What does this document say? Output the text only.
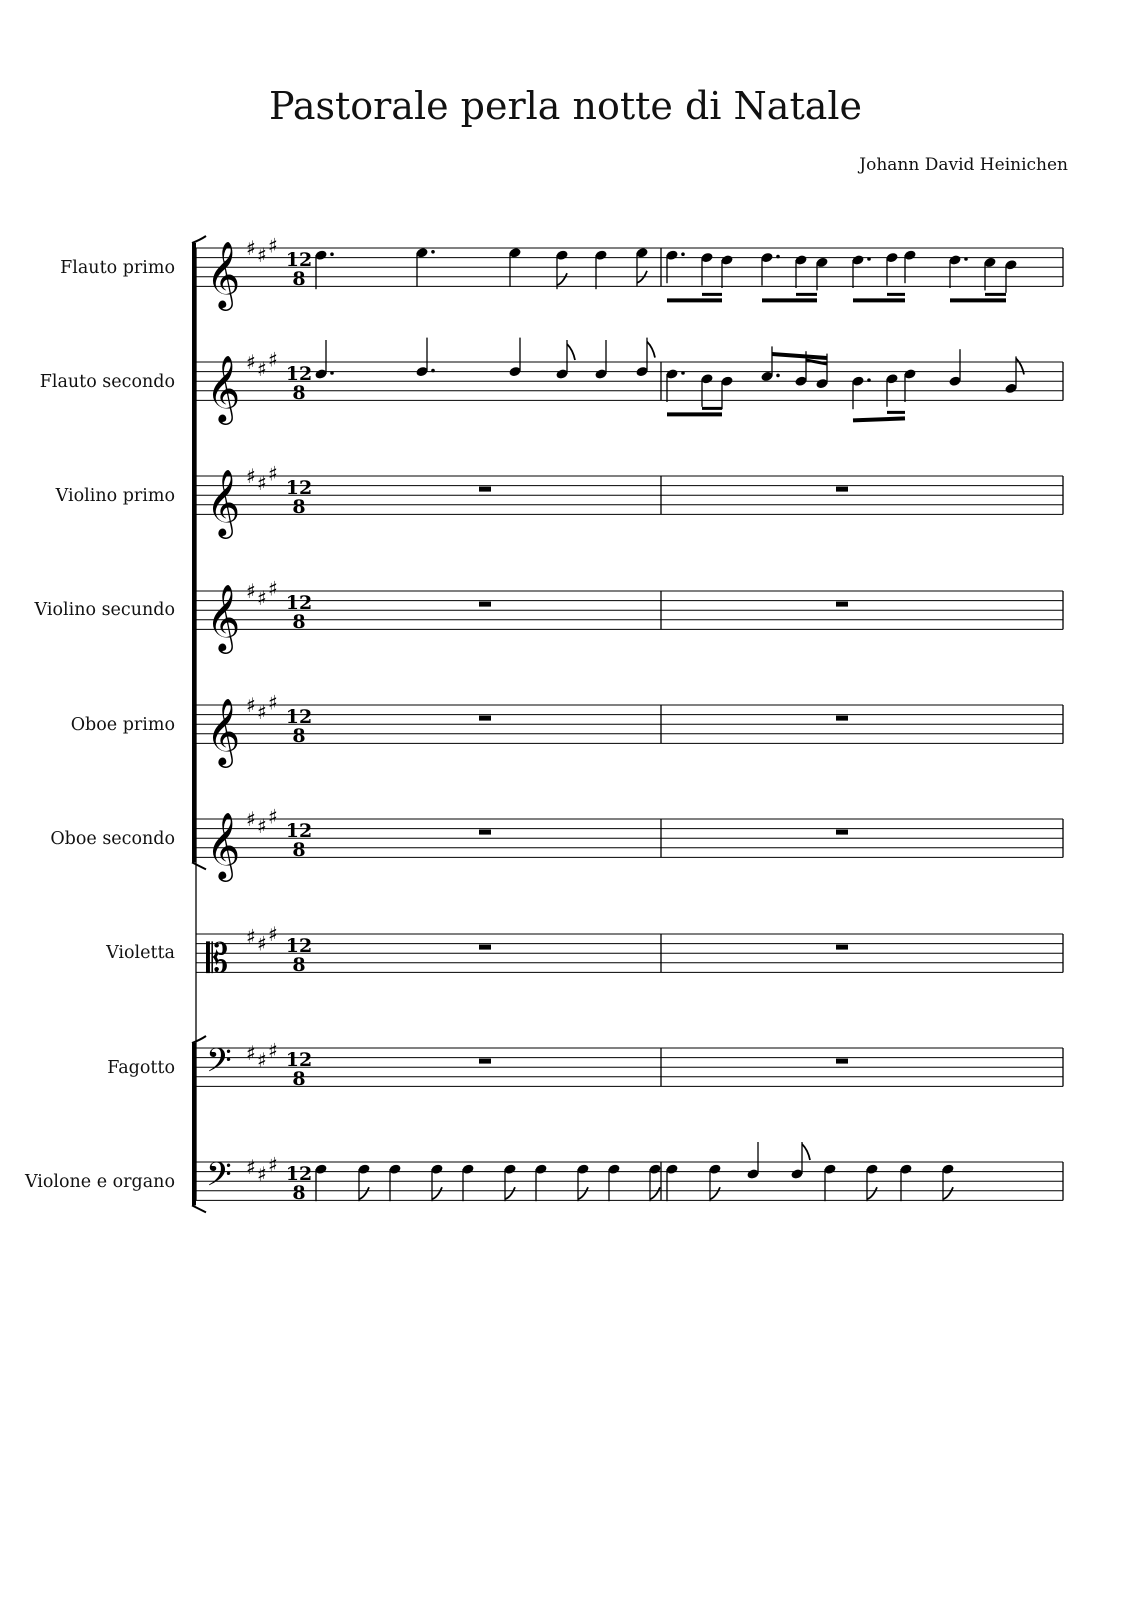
Pastorale perla notte di Natale
Johann David Heinichen
Flauto primo
Flauto secondo
Violino primo
Violino secundo
Oboe primo
Oboe secondo
Violetta
Fagotto
Violone e organo
𝄞 ♯ ♯ ♯
12
8
𝄞 ♯ ♯ ♯
12
8
𝄞 ♯ ♯ ♯
12
8
𝄞 ♯ ♯ ♯
12
8
𝄞 ♯ ♯ ♯
12
8
𝄞 ♯ ♯ ♯
12
8
𝄡 ♯ ♯ ♯ 12
8
𝄢 ♯ ♯ ♯ 12
8
𝄢 ♯ ♯ ♯ 12
8
